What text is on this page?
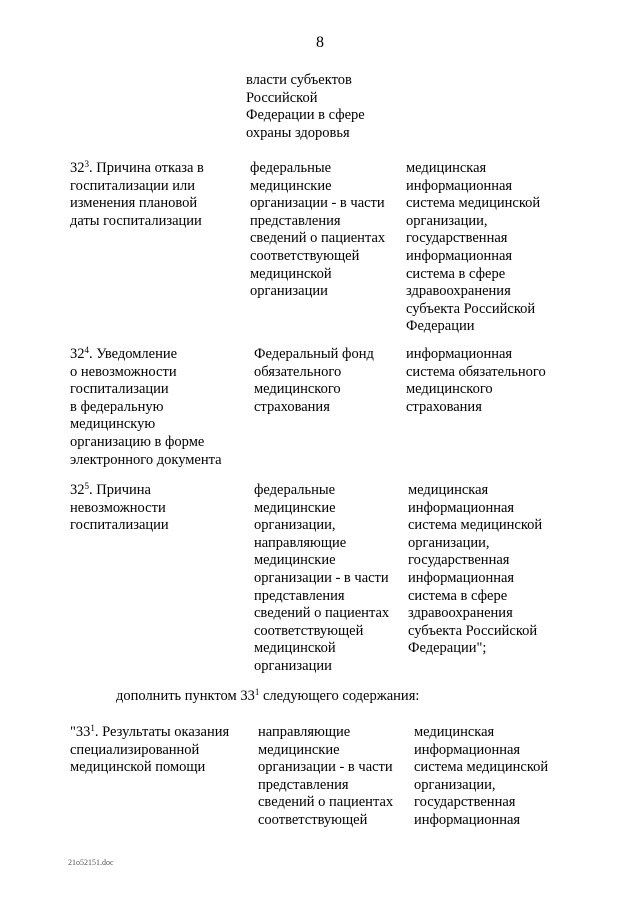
8
власти субъектов
Российской
Федерации в сфере
охраны здоровья
$32^3$. Причина отказа в
госпитализации или
изменения плановой
даты госпитализации
федеральные
медицинские
организации - в части
представления
сведений о пациентах
соответствующей
медицинской
организации
медицинская
информационная
система медицинской
организации,
государственная
информационная
система в сфере
здравоохранения
субъекта Российской
Федерации
$32^4$. Уведомление
о невозможности
госпитализации
в федеральную
медицинскую
организацию в форме
электронного документа
Федеральный фонд
обязательного
медицинского
страхования
информационная
система обязательного
медицинского
страхования
$32^5$. Причина
невозможности
госпитализации
федеральные
медицинские
организации,
направляющие
медицинские
организации - в части
представления
сведений о пациентах
соответствующей
медицинской
организации
медицинская
информационная
система медицинской
организации,
государственная
информационная
система в сфере
здравоохранения
субъекта Российской
Федерации";
дополнить пунктом $33^1$ следующего содержания:
"$33^1$. Результаты оказания
специализированной
медицинской помощи
направляющие
медицинские
организации - в части
представления
сведений о пациентах
соответствующей
медицинская
информационная
система медицинской
организации,
государственная
информационная
21o52151.doc
